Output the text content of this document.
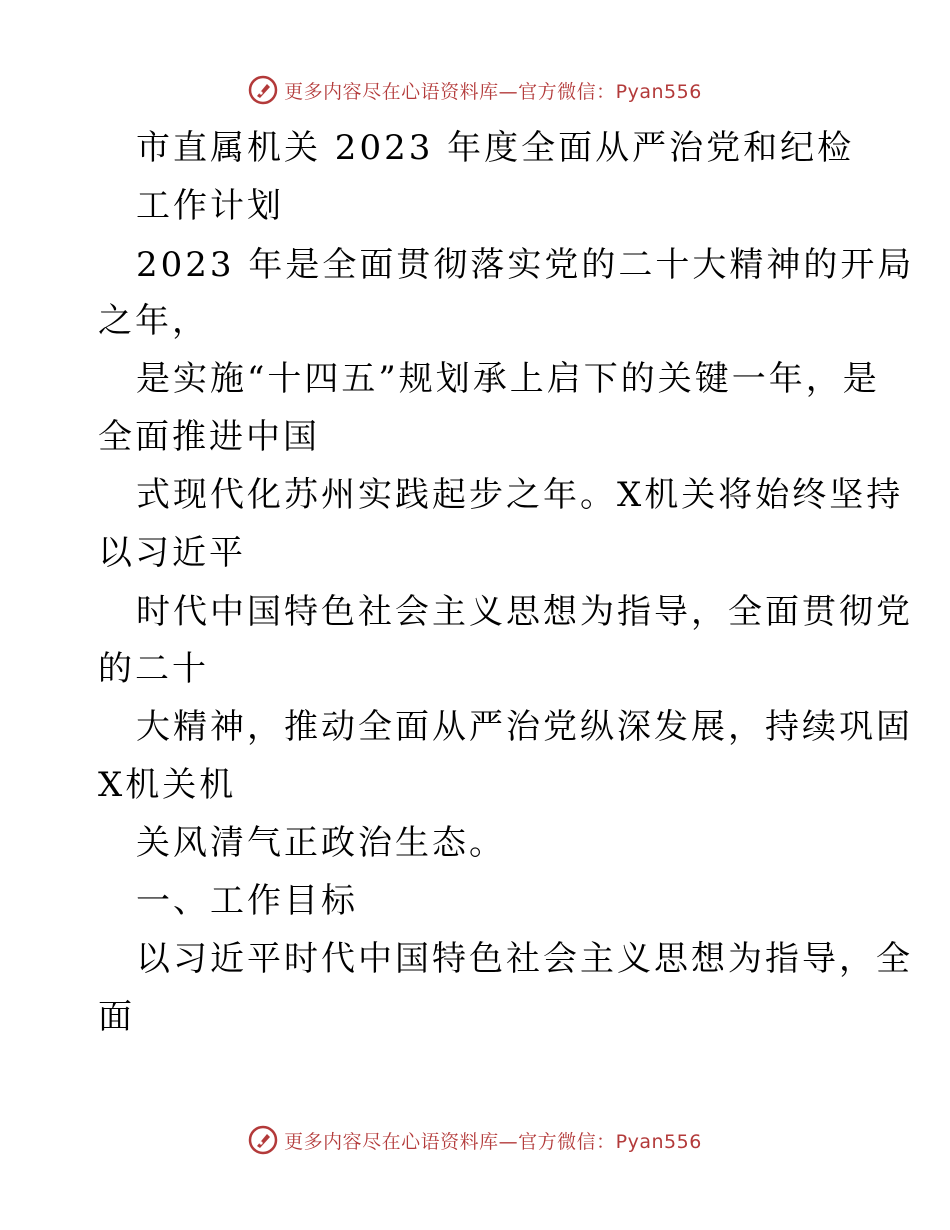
更多内容尽在心语资料库—官方微信：Pyan556
市直属机关 2023 年度全面从严治党和纪检
工作计划
2023 年是全面贯彻落实党的二十大精神的开局
之年，
是实施“十四五”规划承上启下的关键一年，是
全面推进中国
式现代化苏州实践起步之年。X机关将始终坚持
以习近平
时代中国特色社会主义思想为指导，全面贯彻党
的二十
大精神，推动全面从严治党纵深发展，持续巩固
X机关机
关风清气正政治生态。
一、工作目标
以习近平时代中国特色社会主义思想为指导，全
面
更多内容尽在心语资料库—官方微信：Pyan556
